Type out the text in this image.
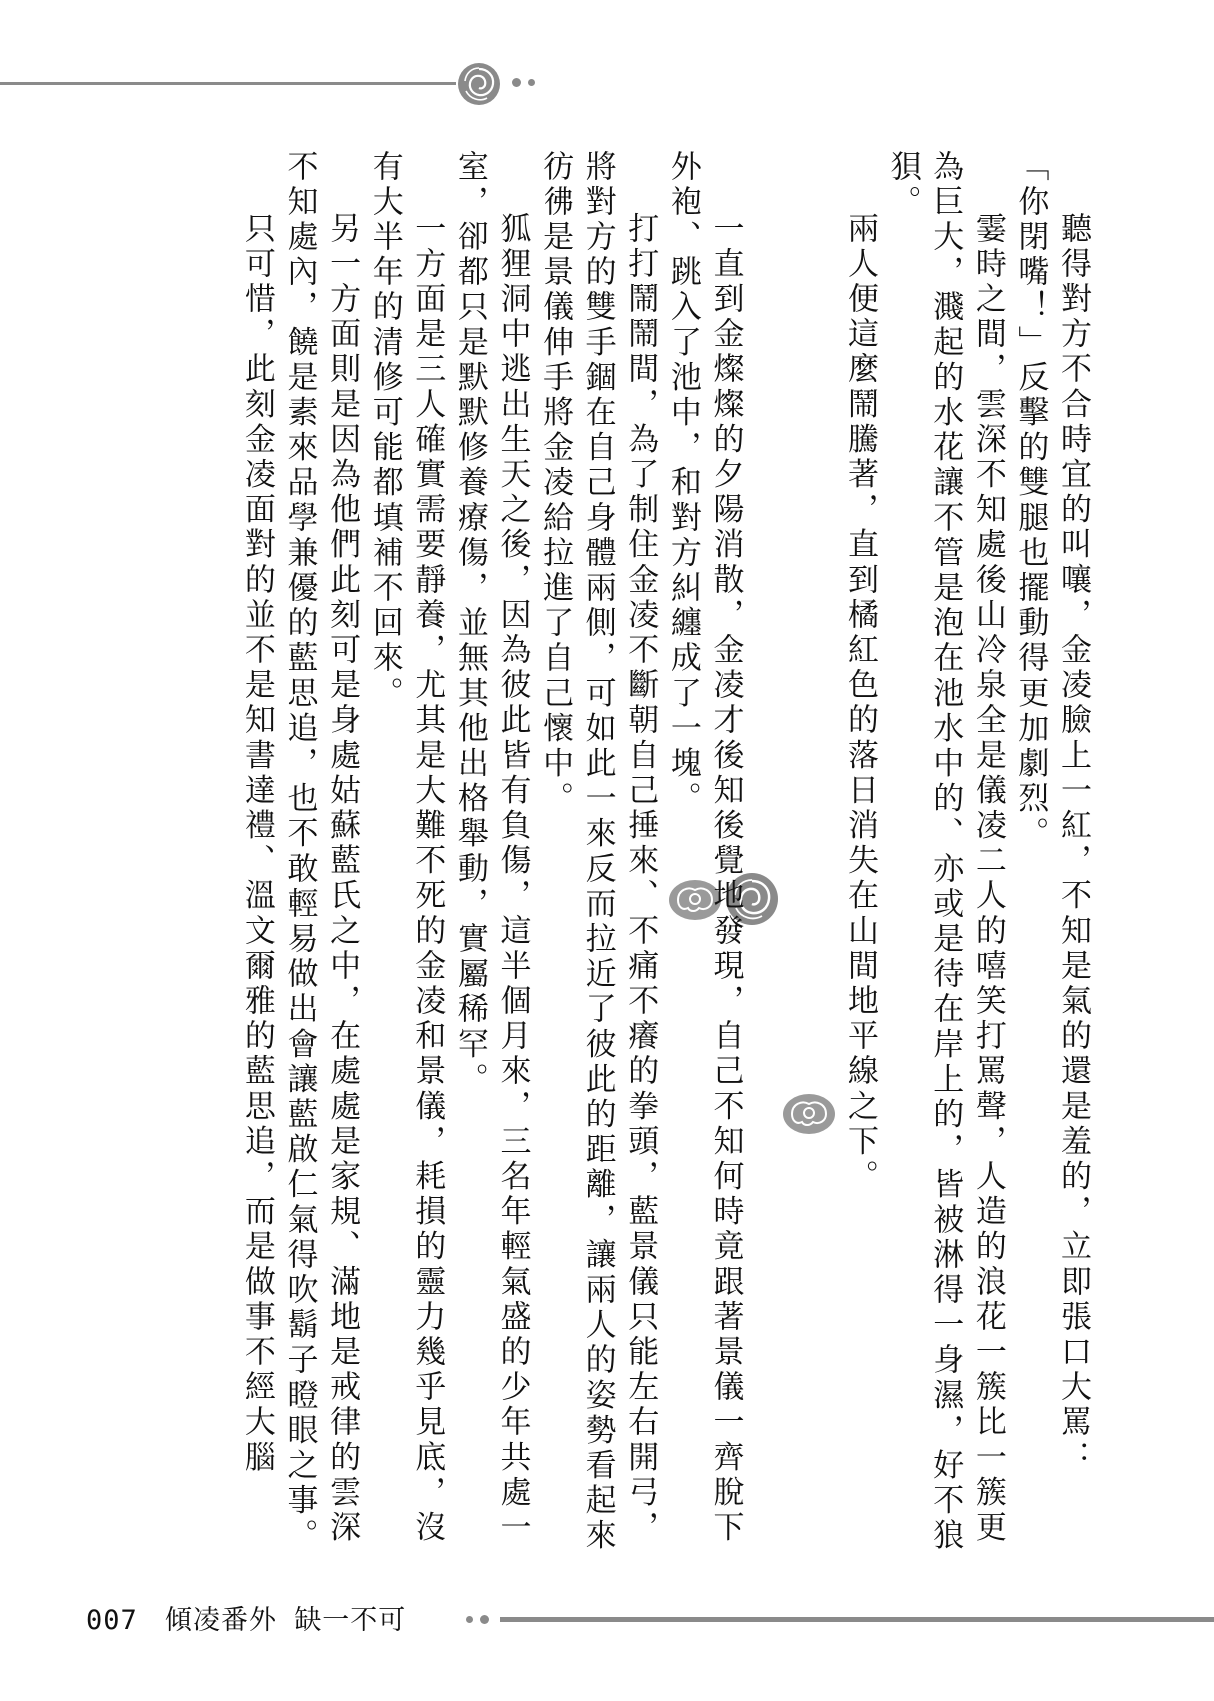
聽得對方不合時宜的叫嚷，金凌臉上一紅，不知是氣的還是羞的，立即張口大罵：

「你閉嘴！」反擊的雙腿也擺動得更加劇烈。

霎時之間，雲深不知處後山冷泉全是儀凌二人的嘻笑打罵聲，人造的浪花一簇比一簇更為巨大，濺起的水花讓不管是泡在池水中的、亦或是待在岸上的，皆被淋得一身濕，好不狼狽。

兩人便這麼鬧騰著，直到橘紅色的落日消失在山間地平線之下。

一直到金燦燦的夕陽消散，金凌才後知後覺地發現，自己不知何時竟跟著景儀一齊脫下外袍、跳入了池中，和對方糾纏成了一塊。

打打鬧鬧間，為了制住金凌不斷朝自己捶來、不痛不癢的拳頭，藍景儀只能左右開弓，將對方的雙手錮在自己身體兩側，可如此一來反而拉近了彼此的距離，讓兩人的姿勢看起來彷彿是景儀伸手將金凌給拉進了自己懷中。

狐狸洞中逃出生天之後，因為彼此皆有負傷，這半個月來，三名年輕氣盛的少年共處一室，卻都只是默默修養療傷，並無其他出格舉動，實屬稀罕。

一方面是三人確實需要靜養，尤其是大難不死的金凌和景儀，耗損的靈力幾乎見底，沒有大半年的清修可能都填補不回來。

另一方面則是因為他們此刻可是身處姑蘇藍氏之中，在處處是家規、滿地是戒律的雲深不知處內，饒是素來品學兼優的藍思追，也不敢輕易做出會讓藍啟仁氣得吹鬍子瞪眼之事。

只可惜，此刻金凌面對的並不是知書達禮、溫文爾雅的藍思追，而是做事不經大腦

007 傾凌番外 缺一不可
